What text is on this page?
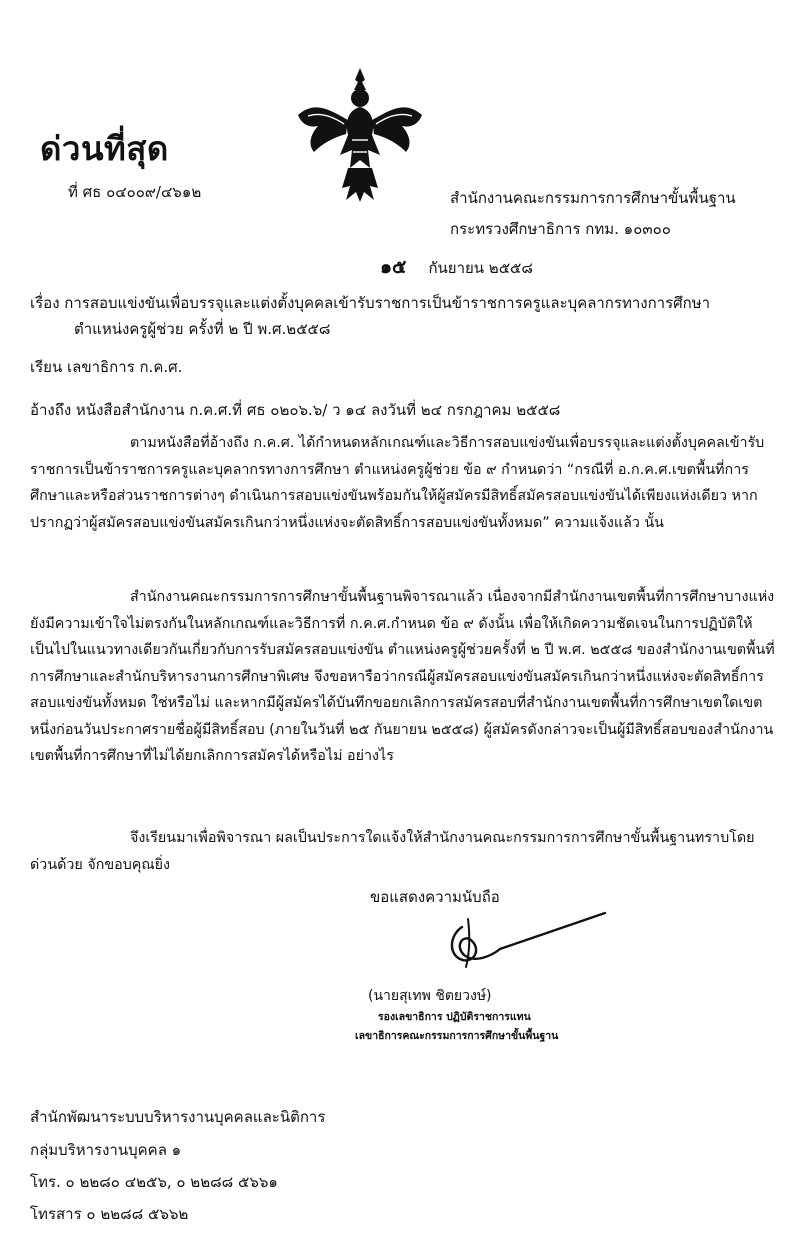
ด่วนที่สุด
ที่ ศธ ๐๔๐๐๙/๔๖๑๒	สำนักงานคณะกรรมการการศึกษาขั้นพื้นฐาน
กระทรวงศึกษาธิการ กทม. ๑๐๓๐๐
๑๕ กันยายน ๒๕๕๘
เรื่อง การสอบแข่งขันเพื่อบรรจุและแต่งตั้งบุคคลเข้ารับราชการเป็นข้าราชการครูและบุคลากรทางการศึกษา
ตำแหน่งครูผู้ช่วย ครั้งที่ ๒ ปี พ.ศ.๒๕๕๘
เรียน เลขาธิการ ก.ค.ศ.
อ้างถึง หนังสือสำนักงาน ก.ค.ศ.ที่ ศธ ๐๒๐๖.๖/ ว ๑๔ ลงวันที่ ๒๔ กรกฎาคม ๒๕๕๘

ตามหนังสือที่อ้างถึง ก.ค.ศ. ได้กำหนดหลักเกณฑ์และวิธีการสอบแข่งขันเพื่อบรรจุและแต่งตั้งบุคคลเข้ารับราชการเป็นข้าราชการครูและบุคลากรทางการศึกษา ตำแหน่งครูผู้ช่วย ข้อ ๙ กำหนดว่า “กรณีที่ อ.ก.ค.ศ.เขตพื้นที่การศึกษาและหรือส่วนราชการต่างๆ ดำเนินการสอบแข่งขันพร้อมกันให้ผู้สมัครมีสิทธิ์สมัครสอบแข่งขันได้เพียงแห่งเดียว หากปรากฏว่าผู้สมัครสอบแข่งขันสมัครเกินกว่าหนึ่งแห่งจะตัดสิทธิ์การสอบแข่งขันทั้งหมด” ความแจ้งแล้ว นั้น

สำนักงานคณะกรรมการการศึกษาขั้นพื้นฐานพิจารณาแล้ว เนื่องจากมีสำนักงานเขตพื้นที่การศึกษาบางแห่งยังมีความเข้าใจไม่ตรงกันในหลักเกณฑ์และวิธีการที่ ก.ค.ศ.กำหนด ข้อ ๙ ดังนั้น เพื่อให้เกิดความชัดเจนในการปฏิบัติให้เป็นไปในแนวทางเดียวกันเกี่ยวกับการรับสมัครสอบแข่งขัน ตำแหน่งครูผู้ช่วยครั้งที่ ๒ ปี พ.ศ. ๒๕๕๘ ของสำนักงานเขตพื้นที่การศึกษาและสำนักบริหารงานการศึกษาพิเศษ จึงขอหารือว่ากรณีผู้สมัครสอบแข่งขันสมัครเกินกว่าหนึ่งแห่งจะตัดสิทธิ์การสอบแข่งขันทั้งหมด ใช่หรือไม่ และหากมีผู้สมัครได้บันทึกขอยกเลิกการสมัครสอบที่สำนักงานเขตพื้นที่การศึกษาเขตใดเขตหนึ่งก่อนวันประกาศรายชื่อผู้มีสิทธิ์สอบ (ภายในวันที่ ๒๕ กันยายน ๒๕๕๘) ผู้สมัครดังกล่าวจะเป็นผู้มีสิทธิ์สอบของสำนักงานเขตพื้นที่การศึกษาที่ไม่ได้ยกเลิกการสมัครได้หรือไม่ อย่างไร

จึงเรียนมาเพื่อพิจารณา ผลเป็นประการใดแจ้งให้สำนักงานคณะกรรมการการศึกษาขั้นพื้นฐานทราบโดยด่วนด้วย จักขอบคุณยิ่ง

ขอแสดงความนับถือ
(นายสุเทพ ชิตยวงษ์)
รองเลขาธิการ ปฏิบัติราชการแทน
เลขาธิการคณะกรรมการการศึกษาขั้นพื้นฐาน
สำนักพัฒนาระบบบริหารงานบุคคลและนิติการ
กลุ่มบริหารงานบุคคล ๑
โทร. ๐ ๒๒๘๐ ๔๒๕๖, ๐ ๒๒๘๘ ๕๖๖๑
โทรสาร ๐ ๒๒๘๘ ๕๖๖๒
